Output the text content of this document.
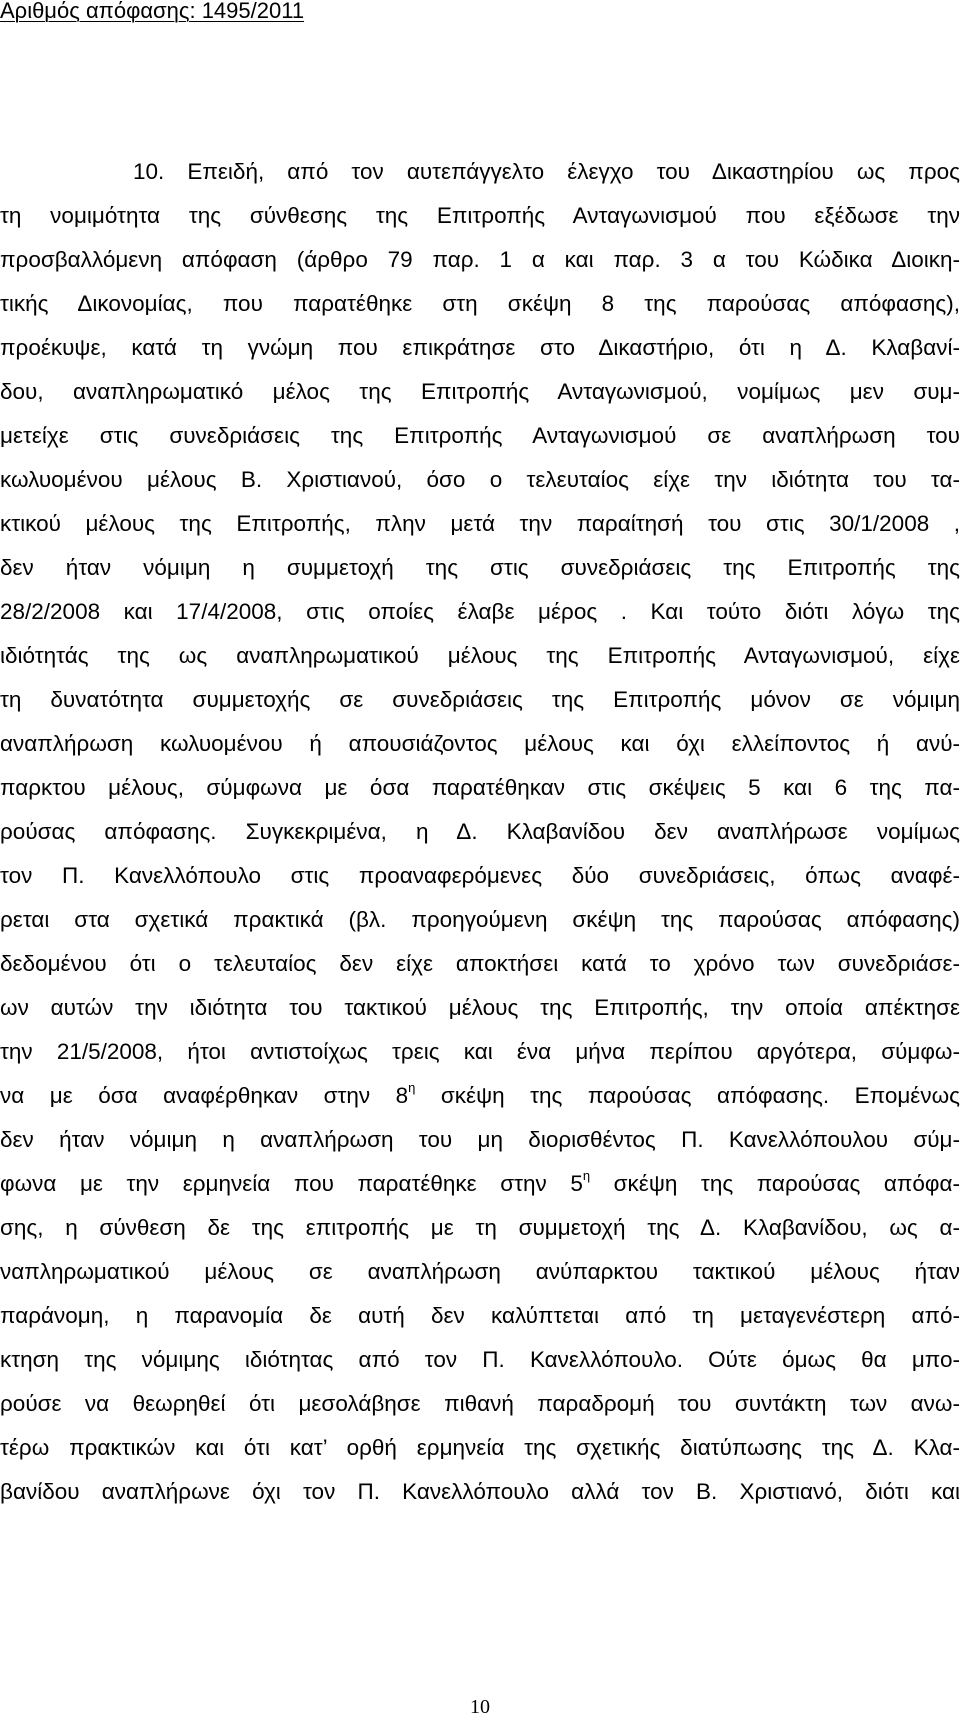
Αριθμός απόφασης: 1495/2011
10. Επειδή, από τον αυτεπάγγελτο έλεγχο του Δικαστηρίου ως προς
τη νομιμότητα της σύνθεσης της Επιτροπής Ανταγωνισμού που εξέδωσε την
προσβαλλόμενη απόφαση (άρθρο 79 παρ. 1 α και παρ. 3 α του Κώδικα Διοικη-
τικής Δικονομίας, που παρατέθηκε στη σκέψη 8 της παρούσας απόφασης),
προέκυψε, κατά τη γνώμη που επικράτησε στο Δικαστήριο, ότι η Δ. Κλαβανί-
δου, αναπληρωματικό μέλος της Επιτροπής Ανταγωνισμού, νομίμως μεν συμ-
μετείχε στις συνεδριάσεις της Επιτροπής Ανταγωνισμού σε αναπλήρωση του
κωλυομένου μέλους Β. Χριστιανού, όσο ο τελευταίος είχε την ιδιότητα του τα-
κτικού μέλους της Επιτροπής, πλην μετά την παραίτησή του στις 30/1/2008 ,
δεν ήταν νόμιμη η συμμετοχή της στις συνεδριάσεις της Επιτροπής της
28/2/2008 και 17/4/2008, στις οποίες έλαβε μέρος . Και τούτο διότι λόγω της
ιδιότητάς της ως αναπληρωματικού μέλους της Επιτροπής Ανταγωνισμού, είχε
τη δυνατότητα συμμετοχής σε συνεδριάσεις της Επιτροπής μόνον σε νόμιμη
αναπλήρωση κωλυομένου ή απουσιάζοντος μέλους και όχι ελλείποντος ή ανύ-
παρκτου μέλους, σύμφωνα με όσα παρατέθηκαν στις σκέψεις 5 και 6 της πα-
ρούσας απόφασης. Συγκεκριμένα, η Δ. Κλαβανίδου δεν αναπλήρωσε νομίμως
τον Π. Κανελλόπουλο στις προαναφερόμενες δύο συνεδριάσεις, όπως αναφέ-
ρεται στα σχετικά πρακτικά (βλ. προηγούμενη σκέψη της παρούσας απόφασης)
δεδομένου ότι ο τελευταίος δεν είχε αποκτήσει κατά το χρόνο των συνεδριάσε-
ων αυτών την ιδιότητα του τακτικού μέλους της Επιτροπής, την οποία απέκτησε
την 21/5/2008, ήτοι αντιστοίχως τρεις και ένα μήνα περίπου αργότερα, σύμφω-
να με όσα αναφέρθηκαν στην $8^\eta$ σκέψη της παρούσας απόφασης. Επομένως
δεν ήταν νόμιμη η αναπλήρωση του μη διορισθέντος Π. Κανελλόπουλου σύμ-
φωνα με την ερμηνεία που παρατέθηκε στην $5^\eta$ σκέψη της παρούσας απόφα-
σης, η σύνθεση δε της επιτροπής με τη συμμετοχή της Δ. Κλαβανίδου, ως α-
ναπληρωματικού μέλους σε αναπλήρωση ανύπαρκτου τακτικού μέλους ήταν
παράνομη, η παρανομία δε αυτή δεν καλύπτεται από τη μεταγενέστερη από-
κτηση της νόμιμης ιδιότητας από τον Π. Κανελλόπουλο. Ούτε όμως θα μπο-
ρούσε να θεωρηθεί ότι μεσολάβησε πιθανή παραδρομή του συντάκτη των ανω-
τέρω πρακτικών και ότι κατ’ ορθή ερμηνεία της σχετικής διατύπωσης της Δ. Κλα-
βανίδου αναπλήρωνε όχι τον Π. Κανελλόπουλο αλλά τον Β. Χριστιανό, διότι και
10
